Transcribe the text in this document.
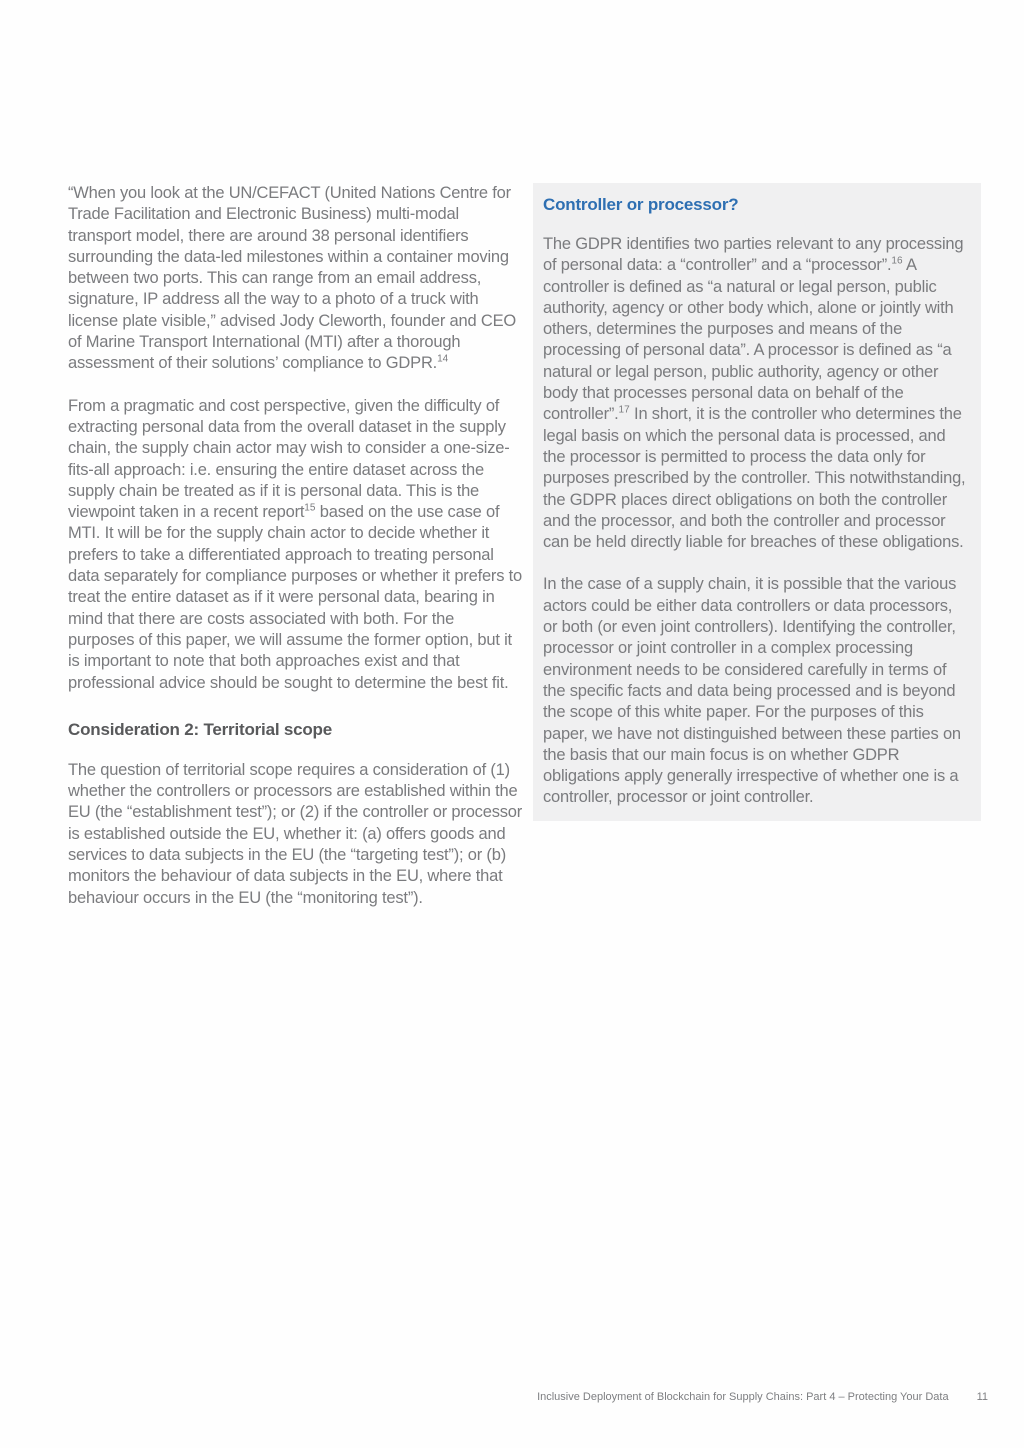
“When you look at the UN/CEFACT (United Nations Centre for Trade Facilitation and Electronic Business) multi-modal transport model, there are around 38 personal identifiers surrounding the data-led milestones within a container moving between two ports. This can range from an email address, signature, IP address all the way to a photo of a truck with license plate visible,” advised Jody Cleworth, founder and CEO of Marine Transport International (MTI) after a thorough assessment of their solutions’ compliance to GDPR.$^{14}$

From a pragmatic and cost perspective, given the difficulty of extracting personal data from the overall dataset in the supply chain, the supply chain actor may wish to consider a one-size-fits-all approach: i.e. ensuring the entire dataset across the supply chain be treated as if it is personal data. This is the viewpoint taken in a recent report$^{15}$ based on the use case of MTI. It will be for the supply chain actor to decide whether it prefers to take a differentiated approach to treating personal data separately for compliance purposes or whether it prefers to treat the entire dataset as if it were personal data, bearing in mind that there are costs associated with both. For the purposes of this paper, we will assume the former option, but it is important to note that both approaches exist and that professional advice should be sought to determine the best fit.

Consideration 2: Territorial scope

The question of territorial scope requires a consideration of (1) whether the controllers or processors are established within the EU (the “establishment test”); or (2) if the controller or processor is established outside the EU, whether it: (a) offers goods and services to data subjects in the EU (the “targeting test”); or (b) monitors the behaviour of data subjects in the EU, where that behaviour occurs in the EU (the “monitoring test”).

Controller or processor?

The GDPR identifies two parties relevant to any processing of personal data: a “controller” and a “processor”.$^{16}$ A controller is defined as “a natural or legal person, public authority, agency or other body which, alone or jointly with others, determines the purposes and means of the processing of personal data”. A processor is defined as “a natural or legal person, public authority, agency or other body that processes personal data on behalf of the controller”.$^{17}$ In short, it is the controller who determines the legal basis on which the personal data is processed, and the processor is permitted to process the data only for purposes prescribed by the controller. This notwithstanding, the GDPR places direct obligations on both the controller and the processor, and both the controller and processor can be held directly liable for breaches of these obligations.

In the case of a supply chain, it is possible that the various actors could be either data controllers or data processors, or both (or even joint controllers). Identifying the controller, processor or joint controller in a complex processing environment needs to be considered carefully in terms of the specific facts and data being processed and is beyond the scope of this white paper. For the purposes of this paper, we have not distinguished between these parties on the basis that our main focus is on whether GDPR obligations apply generally irrespective of whether one is a controller, processor or joint controller.

Inclusive Deployment of Blockchain for Supply Chains: Part 4 – Protecting Your Data	11
